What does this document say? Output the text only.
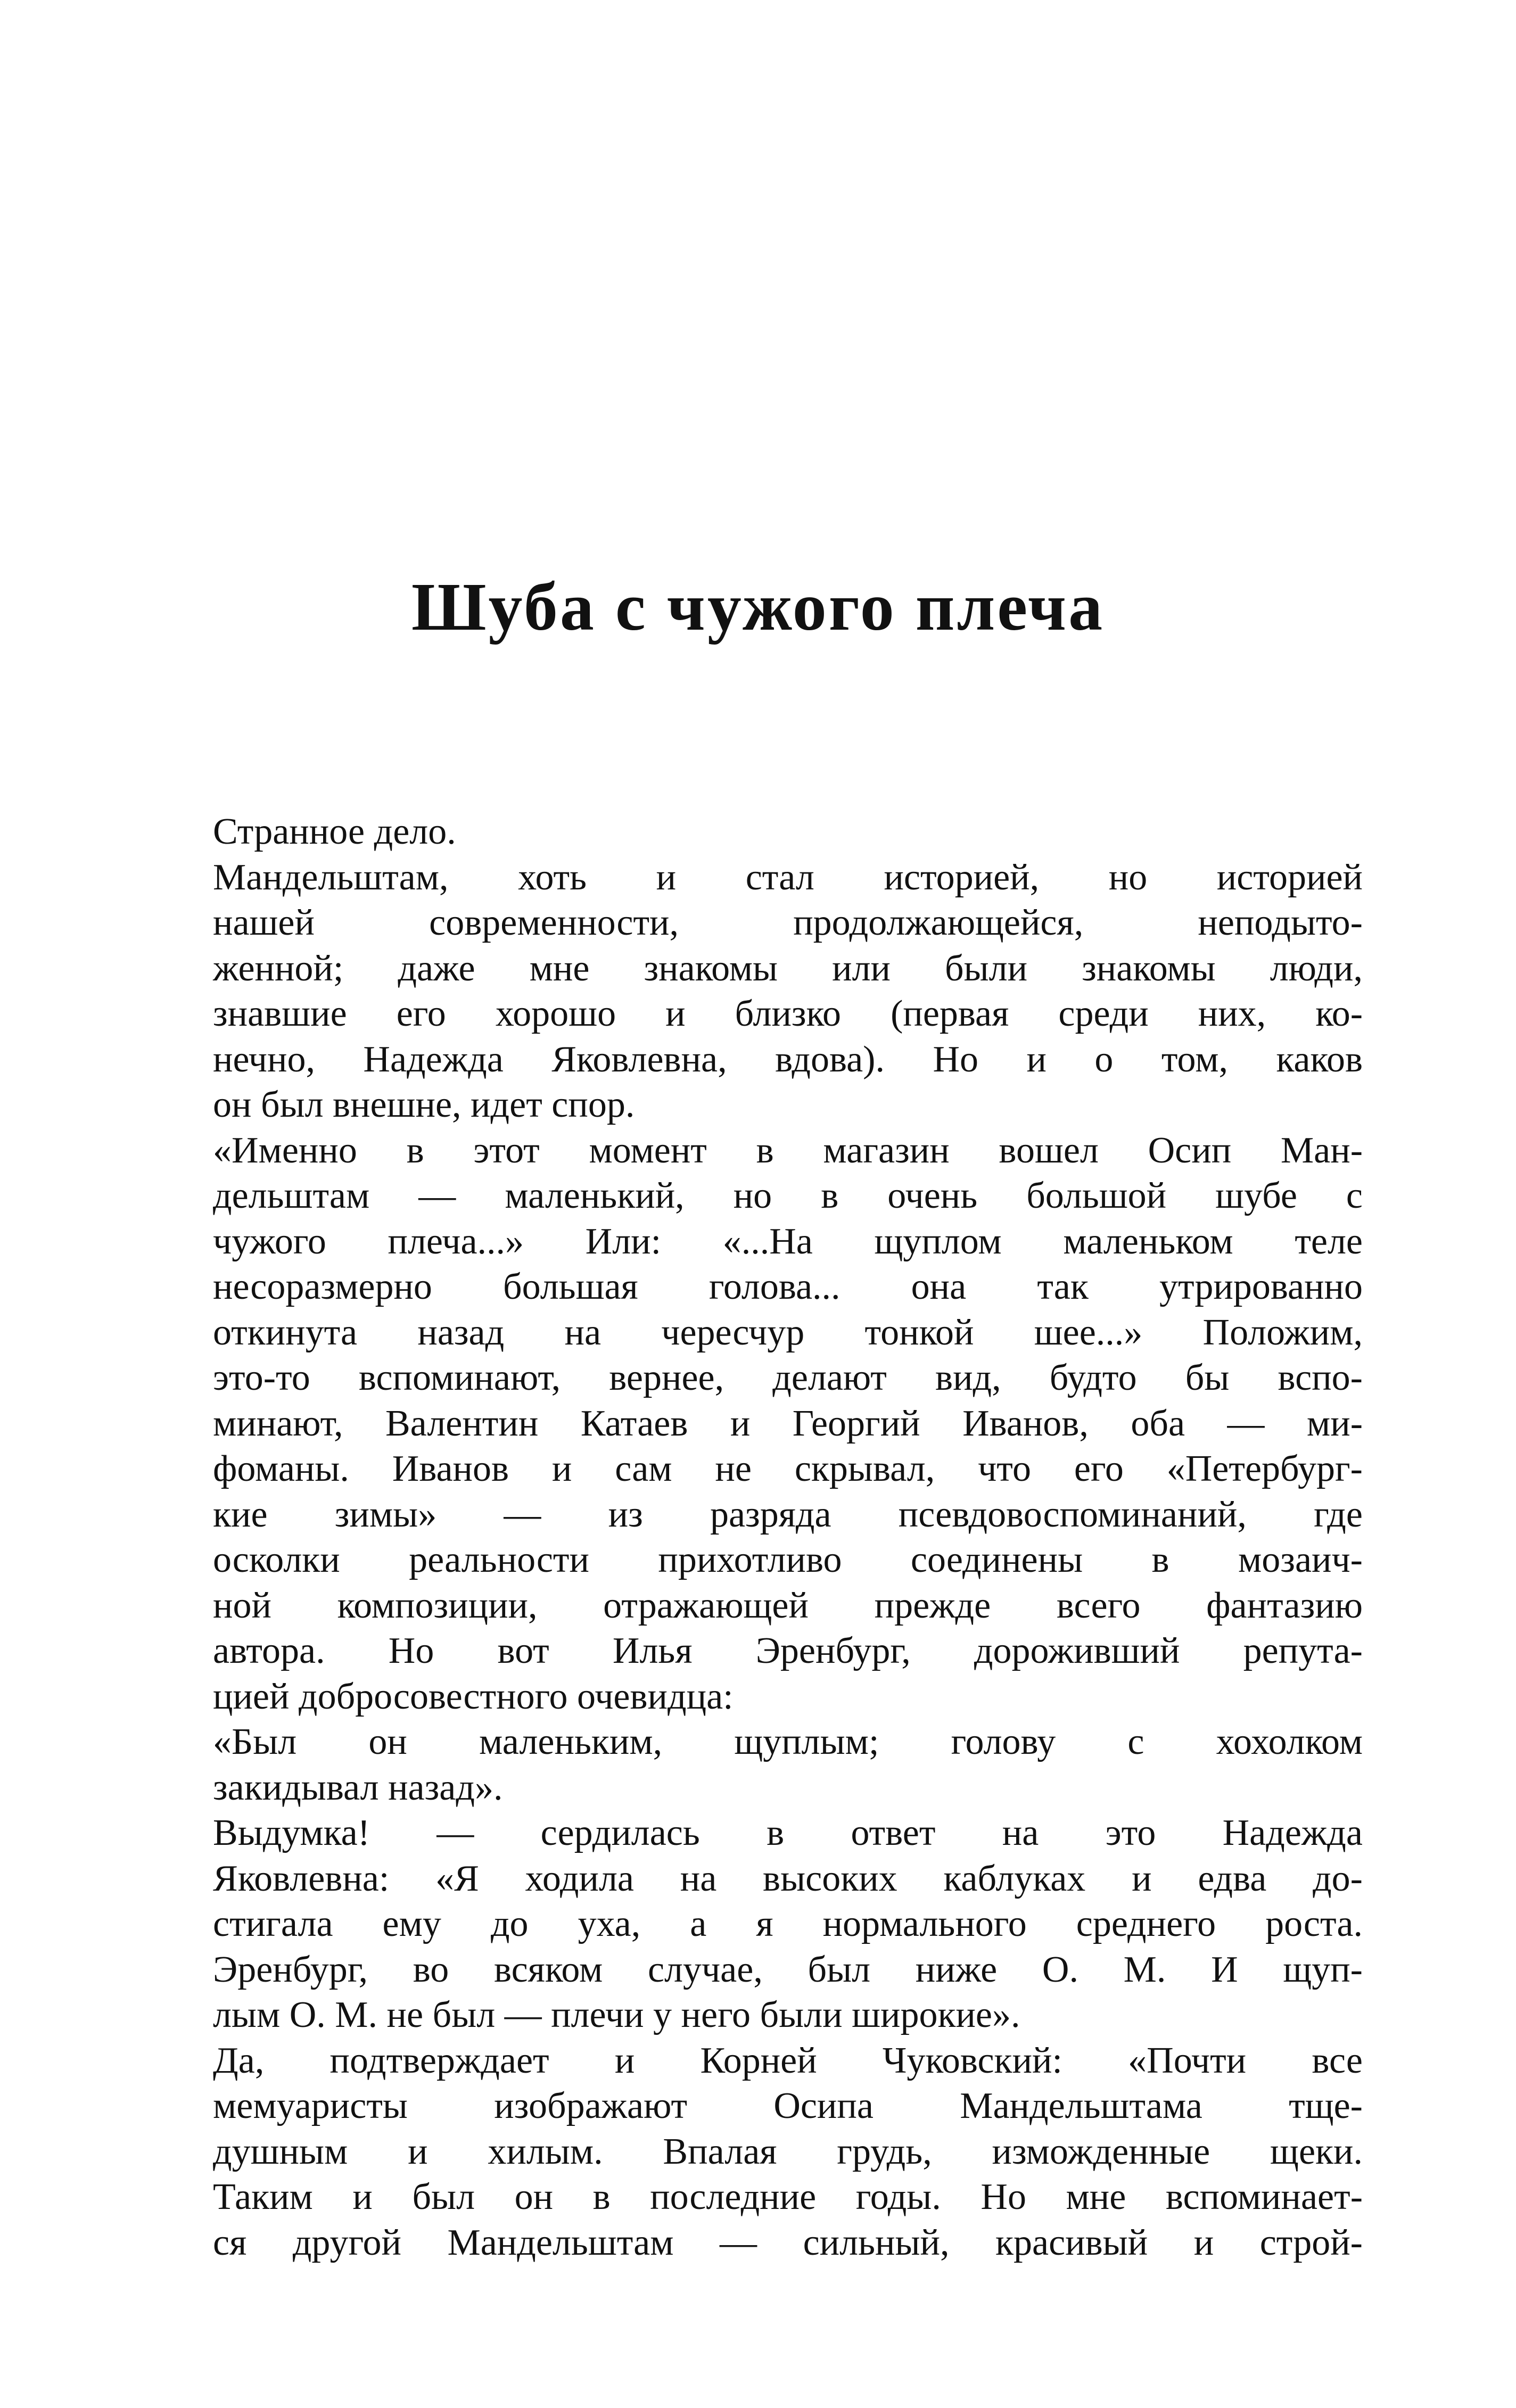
Шуба с чужого плеча
Странное дело.
Мандельштам, хоть и стал историей, но историей
нашей современности, продолжающейся, неподыто-
женной; даже мне знакомы или были знакомы люди,
знавшие его хорошо и близко (первая среди них, ко-
нечно, Надежда Яковлевна, вдова). Но и о том, каков
он был внешне, идет спор.
«Именно в этот момент в магазин вошел Осип Ман-
дельштам — маленький, но в очень большой шубе с
чужого плеча...» Или: «...На щуплом маленьком теле
несоразмерно большая голова... она так утрированно
откинута назад на чересчур тонкой шее...» Положим,
это-то вспоминают, вернее, делают вид, будто бы вспо-
минают, Валентин Катаев и Георгий Иванов, оба — ми-
фоманы. Иванов и сам не скрывал, что его «Петербург-
кие зимы» — из разряда псевдовоспоминаний, где
осколки реальности прихотливо соединены в мозаич-
ной композиции, отражающей прежде всего фантазию
автора. Но вот Илья Эренбург, дороживший репута-
цией добросовестного очевидца:
«Был он маленьким, щуплым; голову с хохолком
закидывал назад».
Выдумка! — сердилась в ответ на это Надежда
Яковлевна: «Я ходила на высоких каблуках и едва до-
стигала ему до уха, а я нормального среднего роста.
Эренбург, во всяком случае, был ниже О. М. И щуп-
лым О. М. не был — плечи у него были широкие».
Да, подтверждает и Корней Чуковский: «Почти все
мемуаристы изображают Осипа Мандельштама тще-
душным и хилым. Впалая грудь, изможденные щеки.
Таким и был он в последние годы. Но мне вспоминает-
ся другой Мандельштам — сильный, красивый и строй-
